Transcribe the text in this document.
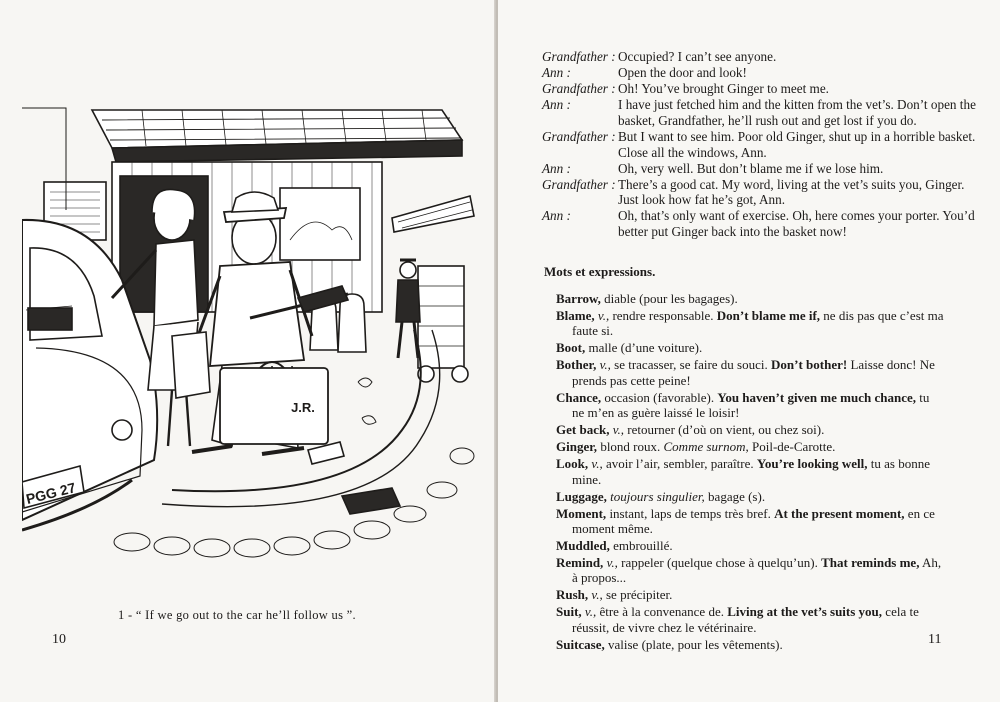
J.R.
PGG 27
1 - “ If we go out to the car he’ll follow us ”.
10
Grandfather : Occupied? I can’t see anyone.
Ann :	Open the door and look!
Grandfather : Oh! You’ve brought Ginger to meet me.
Ann :	I have just fetched him and the kitten from the vet’s. Don’t open the basket, Grandfather, he’ll rush out and get lost if you do.
Grandfather : But I want to see him. Poor old Ginger, shut up in a horrible basket. Close all the windows, Ann.
Ann :	Oh, very well. But don’t blame me if we lose him.
Grandfather : There’s a good cat. My word, living at the vet’s suits you, Ginger. Just look how fat he’s got, Ann.
Ann :	Oh, that’s only want of exercise. Oh, here comes your porter. You’d better put Ginger back into the basket now!
Mots et expressions.
Barrow, diable (pour les bagages).
Blame, v., rendre responsable. Don’t blame me if, ne dis pas que c’est ma faute si.
Boot, malle (d’une voiture).
Bother, v., se tracasser, se faire du souci. Don’t bother! Laisse donc! Ne prends pas cette peine!
Chance, occasion (favorable). You haven’t given me much chance, tu ne m’en as guère laissé le loisir!
Get back, v., retourner (d’où on vient, ou chez soi).
Ginger, blond roux. Comme surnom, Poil-de-Carotte.
Look, v., avoir l’air, sembler, paraître. You’re looking well, tu as bonne mine.
Luggage, toujours singulier, bagage (s).
Moment, instant, laps de temps très bref. At the present moment, en ce moment même.
Muddled, embrouillé.
Remind, v., rappeler (quelque chose à quelqu’un). That reminds me, Ah, à propos...
Rush, v., se précipiter.
Suit, v., être à la convenance de. Living at the vet’s suits you, cela te réussit, de vivre chez le vétérinaire.
Suitcase, valise (plate, pour les vêtements).	11
